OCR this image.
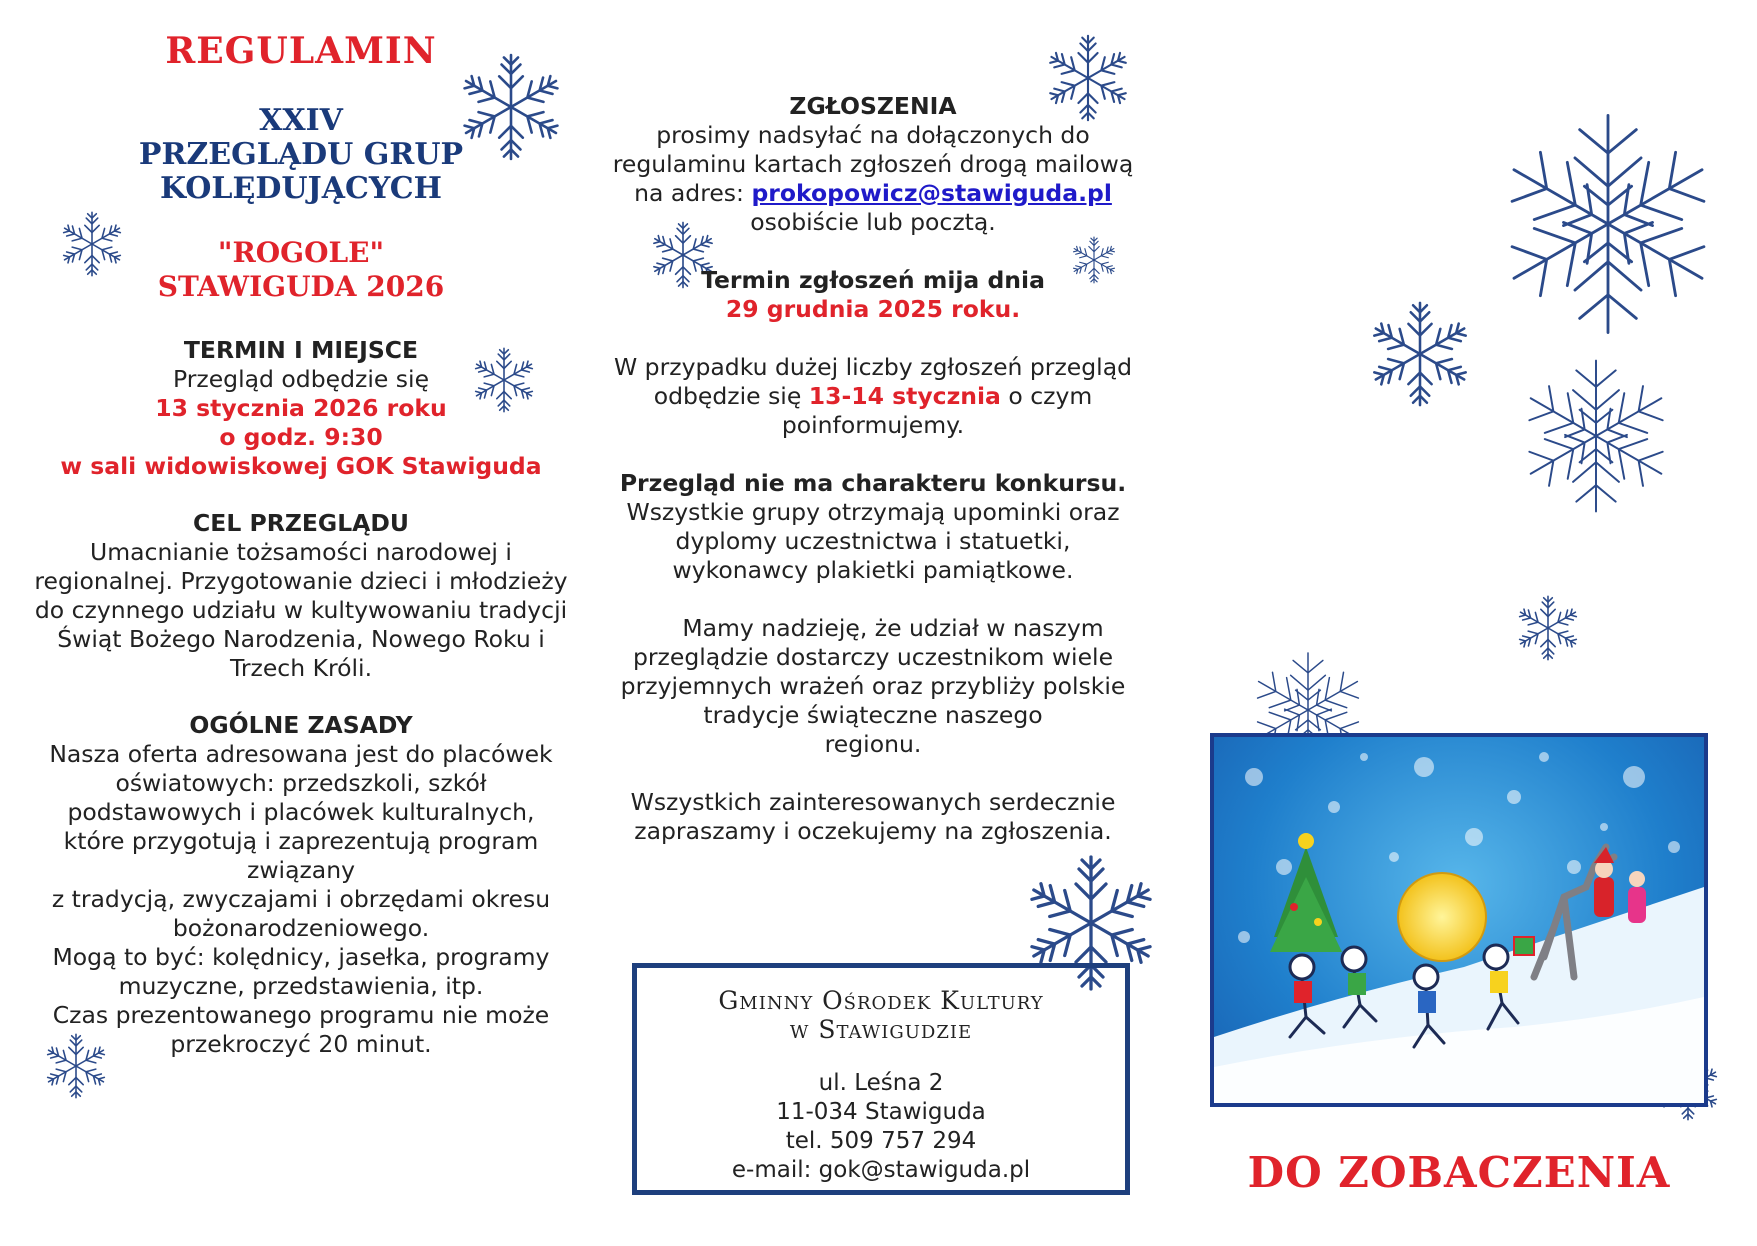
REGULAMIN
XXIV
PRZEGLĄDU GRUP
KOLĘDUJĄCYCH
"ROGOLE"
STAWIGUDA 2026
TERMIN I MIEJSCE
Przegląd odbędzie się
13 stycznia 2026 roku
o godz. 9:30
w sali widowiskowej GOK Stawiguda
CEL PRZEGLĄDU
Umacnianie tożsamości narodowej i
regionalnej. Przygotowanie dzieci i młodzieży
do czynnego udziału w kultywowaniu tradycji
Świąt Bożego Narodzenia, Nowego Roku i
Trzech Króli.
OGÓLNE ZASADY
Nasza oferta adresowana jest do placówek
oświatowych: przedszkoli, szkół
podstawowych i placówek kulturalnych,
które przygotują i zaprezentują program
związany
z tradycją, zwyczajami i obrzędami okresu
bożonarodzeniowego.
Mogą to być: kolędnicy, jasełka, programy
muzyczne, przedstawienia, itp.
Czas prezentowanego programu nie może
przekroczyć 20 minut.
ZGŁOSZENIA
prosimy nadsyłać na dołączonych do
regulaminu kartach zgłoszeń drogą mailową
na adres: prokopowicz@stawiguda.pl
osobiście lub pocztą.
Termin zgłoszeń mija dnia
29 grudnia 2025 roku.
W przypadku dużej liczby zgłoszeń przegląd
odbędzie się 13-14 stycznia o czym
poinformujemy.
Przegląd nie ma charakteru konkursu.
Wszystkie grupy otrzymają upominki oraz
dyplomy uczestnictwa i statuetki,
wykonawcy plakietki pamiątkowe.
Mamy nadzieję, że udział w naszym
przeglądzie dostarczy uczestnikom wiele
przyjemnych wrażeń oraz przybliży polskie
tradycje świąteczne naszego
regionu.
Wszystkich zainteresowanych serdecznie
zapraszamy i oczekujemy na zgłoszenia.
Gminny Ośrodek Kultury
w Stawigudzie
ul. Leśna 2
11-034 Stawiguda
tel. 509 757 294
e-mail: gok@stawiguda.pl	DO ZOBACZENIA
